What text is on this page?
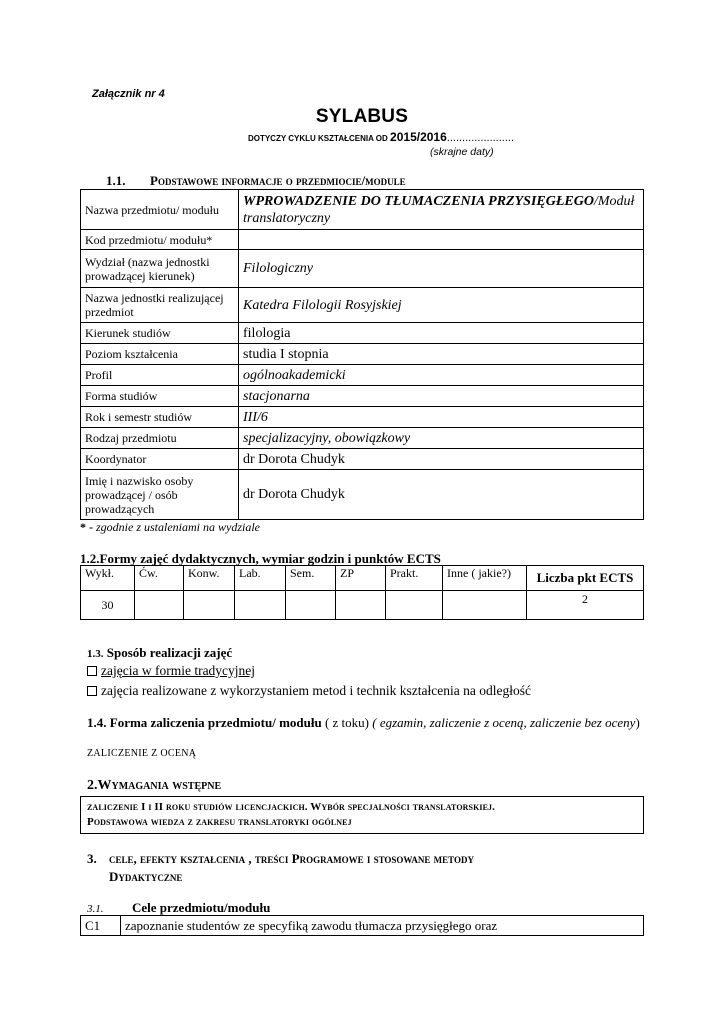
Załącznik nr 4
SYLABUS
DOTYCZY CYKLU KSZTAŁCENIA OD 2015/2016......................
(skrajne daty)
1.1. Podstawowe informacje o przedmiocie/module
Nazwa przedmiotu/ modułu	WPROWADZENIE DO TŁUMACZENIA PRZYSIĘGŁEGO/Moduł translatoryczny
Kod przedmiotu/ modułu*	
Wydział (nazwa jednostki prowadzącej kierunek)	Filologiczny
Nazwa jednostki realizującej przedmiot	Katedra Filologii Rosyjskiej
Kierunek studiów	filologia
Poziom kształcenia	studia I stopnia
Profil	ogólnoakademicki
Forma studiów	stacjonarna
Rok i semestr studiów	III/6
Rodzaj przedmiotu	specjalizacyjny, obowiązkowy
Koordynator	dr Dorota Chudyk
Imię i nazwisko osoby prowadzącej / osób prowadzących	dr Dorota Chudyk
* - zgodnie z ustaleniami na wydziale
1.2.Formy zajęć dydaktycznych, wymiar godzin i punktów ECTS
Wykł.	Ćw.	Konw.	Lab.	Sem.	ZP	Prakt.	Inne ( jakie?)	Liczba pkt ECTS
30								2
1.3. Sposób realizacji zajęć
zajęcia w formie tradycyjnej
zajęcia realizowane z wykorzystaniem metod i technik kształcenia na odległość
1.4. Forma zaliczenia przedmiotu/ modułu ( z toku) ( egzamin, zaliczenie z oceną, zaliczenie bez oceny)
ZALICZENIE Z OCENĄ
2.Wymagania wstępne
zaliczenie I i II roku studiów licencjackich. Wybór specjalności translatorskiej.
Podstawowa wiedza z zakresu translatoryki ogólnej
3. cele, efekty kształcenia , treści Programowe i stosowane metody
Dydaktyczne
3.1. Cele przedmiotu/modułu
C1	zapoznanie studentów ze specyfiką zawodu tłumacza przysięgłego oraz
